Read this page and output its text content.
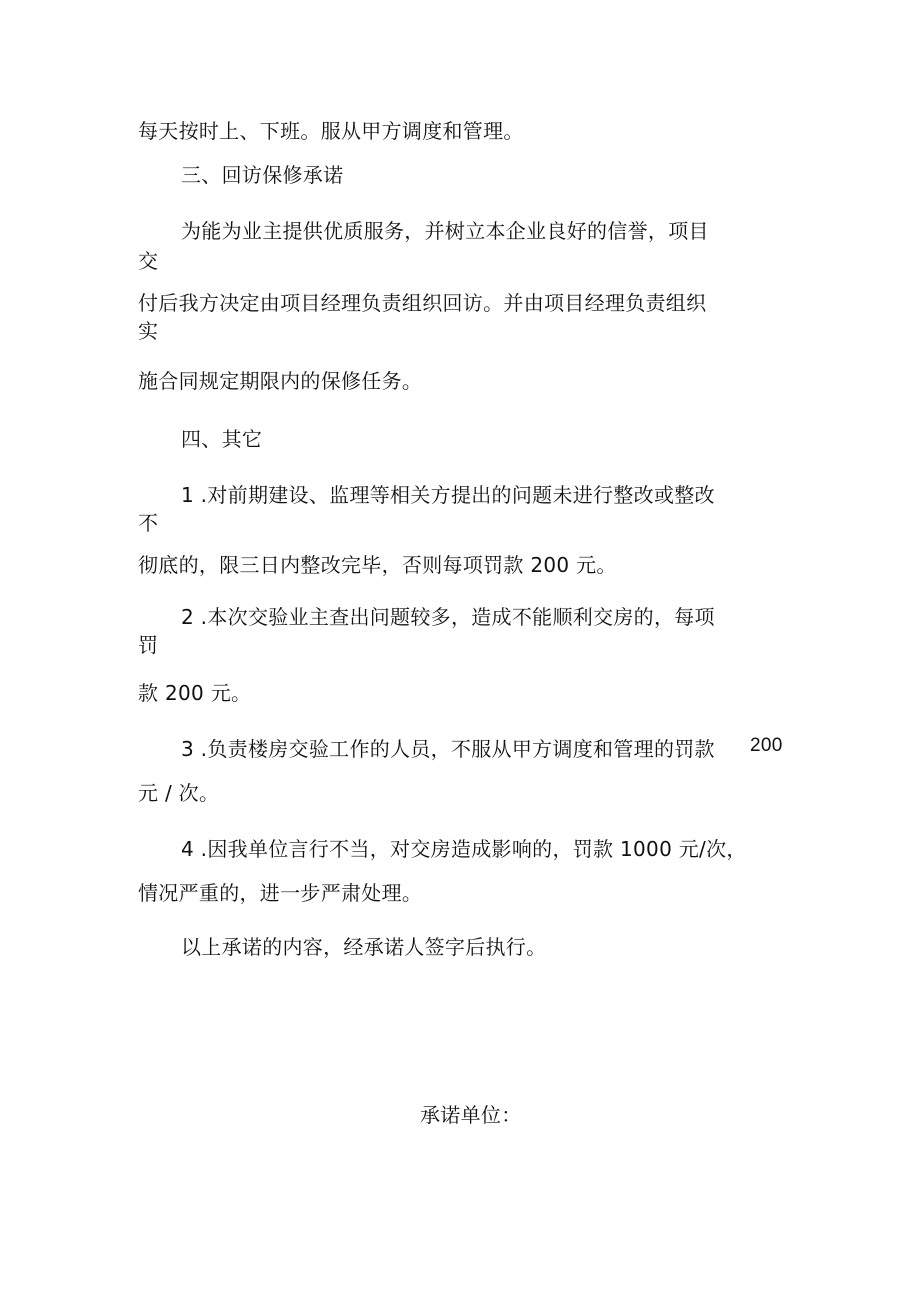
每天按时上、下班。服从甲方调度和管理。
三、回访保修承诺
为能为业主提供优质服务，并树立本企业良好的信誉，项目
交
付后我方决定由项目经理负责组织回访。并由项目经理负责组织
实
施合同规定期限内的保修任务。
四、其它
1 .对前期建设、监理等相关方提出的问题未进行整改或整改
不
彻底的，限三日内整改完毕，否则每项罚款 200 元。
2 .本次交验业主查出问题较多，造成不能顺利交房的，每项
罚
款 200 元。
3 .负责楼房交验工作的人员，不服从甲方调度和管理的罚款 200
元 / 次。
4 .因我单位言行不当，对交房造成影响的，罚款 1000 元/次，
情况严重的，进一步严肃处理。
以上承诺的内容，经承诺人签字后执行。
承诺单位：
